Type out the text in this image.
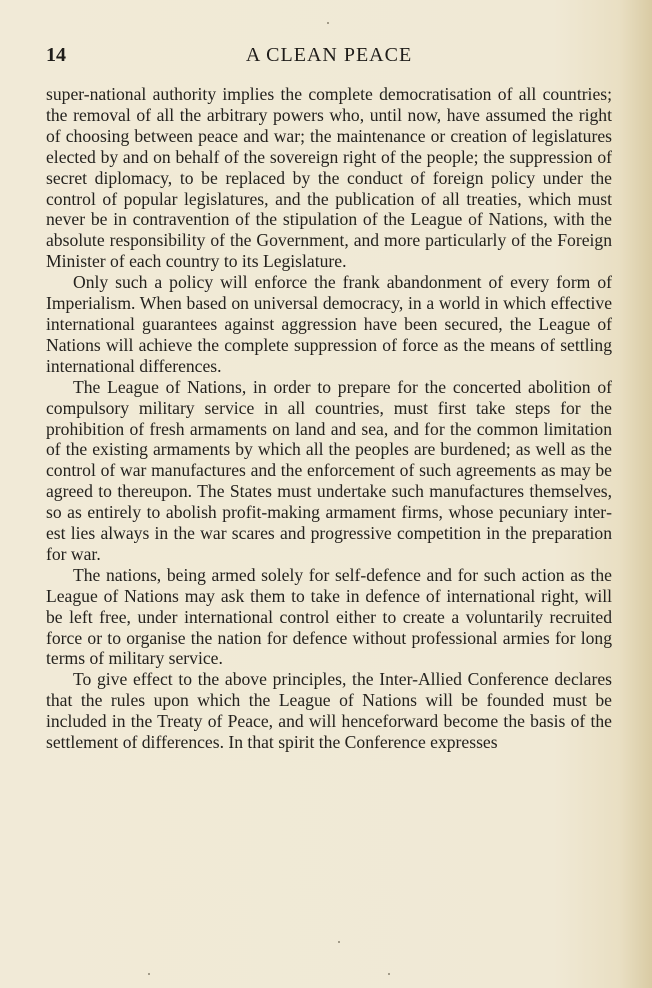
14	A CLEAN PEACE

super-national authority implies the complete democratisation of all countries; the removal of all the arbitrary powers who, until now, have assumed the right of choosing between peace and war; the maintenance or creation of legislatures elected by and on behalf of the sovereign right of the people; the suppression of secret diplomacy, to be replaced by the conduct of foreign policy under the control of popular legislatures, and the publication of all treaties, which must never be in contravention of the stipulation of the League of Nations, with the absolute responsibility of the Government, and more particularly of the Foreign Minister of each country to its Legislature.

Only such a policy will enforce the frank abandonment of every form of Imperialism. When based on universal democracy, in a world in which effective international guarantees against aggression have been secured, the League of Nations will achieve the complete suppression of force as the means of settling international differences.

The League of Nations, in order to prepare for the concerted abolition of compulsory military service in all countries, must first take steps for the prohibition of fresh armaments on land and sea, and for the common limitation of the existing armaments by which all the peoples are burdened; as well as the control of war manufactures and the enforcement of such agreements as may be agreed to thereupon. The States must undertake such manufactures themselves, so as entirely to abolish profit-making armament firms, whose pecuniary interest lies always in the war scares and progressive competition in the preparation for war.

The nations, being armed solely for self-defence and for such action as the League of Nations may ask them to take in defence of international right, will be left free, under international control either to create a voluntarily recruited force or to organise the nation for defence without professional armies for long terms of military service.

To give effect to the above principles, the Inter-Allied Conference declares that the rules upon which the League of Nations will be founded must be included in the Treaty of Peace, and will henceforward become the basis of the settlement of differences. In that spirit the Conference expresses
